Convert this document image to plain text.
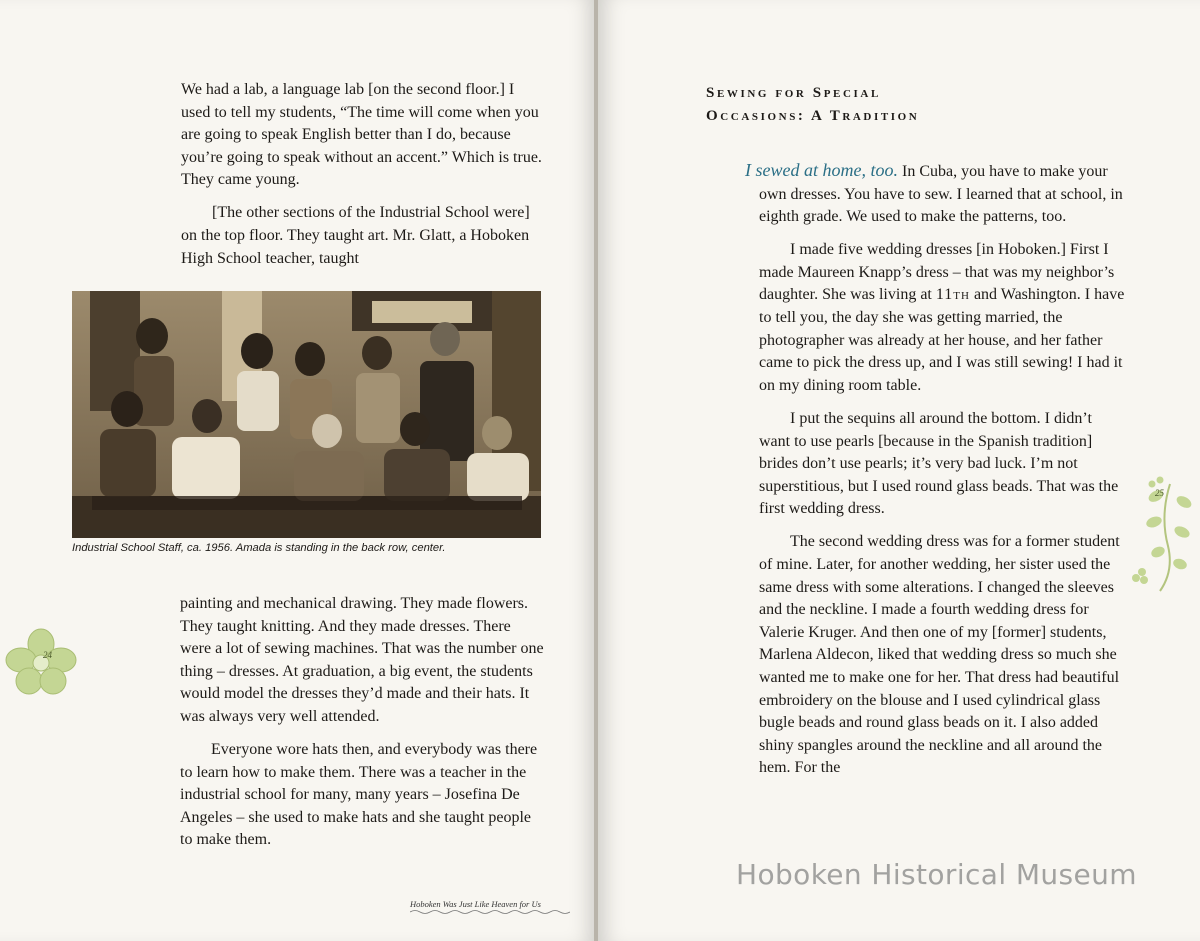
We had a lab, a language lab [on the second floor.] I used to tell my students, “The time will come when you are going to speak English better than I do, because you’re going to speak without an accent.” Which is true. They came young.

[The other sections of the Industrial School were] on the top floor. They taught art. Mr. Glatt, a Hoboken High School teacher, taught

Industrial School Staff, ca. 1956. Amada is standing in the back row, center.

painting and mechanical drawing. They made flowers. They taught knitting. And they made dresses. There were a lot of sewing machines. That was the number one thing – dresses. At graduation, a big event, the students would model the dresses they’d made and their hats. It was always very well attended.

Everyone wore hats then, and everybody was there to learn how to make them. There was a teacher in the industrial school for many, many years – Josefina De Angeles – she used to make hats and she taught people to make them.

24
Hoboken Was Just Like Heaven for Us
25
Sewing for Special
Occasions: A Tradition

I sewed at home, too. In Cuba, you have to make your own dresses. You have to sew. I learned that at school, in eighth grade. We used to make the patterns, too.

I made five wedding dresses [in Hoboken.] First I made Maureen Knapp’s dress – that was my neighbor’s daughter. She was living at 11th and Washington. I have to tell you, the day she was getting married, the photographer was already at her house, and her father came to pick the dress up, and I was still sewing! I had it on my dining room table.

I put the sequins all around the bottom. I didn’t want to use pearls [because in the Spanish tradition] brides don’t use pearls; it’s very bad luck. I’m not superstitious, but I used round glass beads. That was the first wedding dress.

The second wedding dress was for a former student of mine. Later, for another wedding, her sister used the same dress with some alterations. I changed the sleeves and the neckline. I made a fourth wedding dress for Valerie Kruger. And then one of my [former] students, Marlena Aldecon, liked that wedding dress so much she wanted me to make one for her. That dress had beautiful embroidery on the blouse and I used cylindrical glass bugle beads and round glass beads on it. I also added shiny spangles around the neckline and all around the hem. For the

Hoboken Historical Museum
